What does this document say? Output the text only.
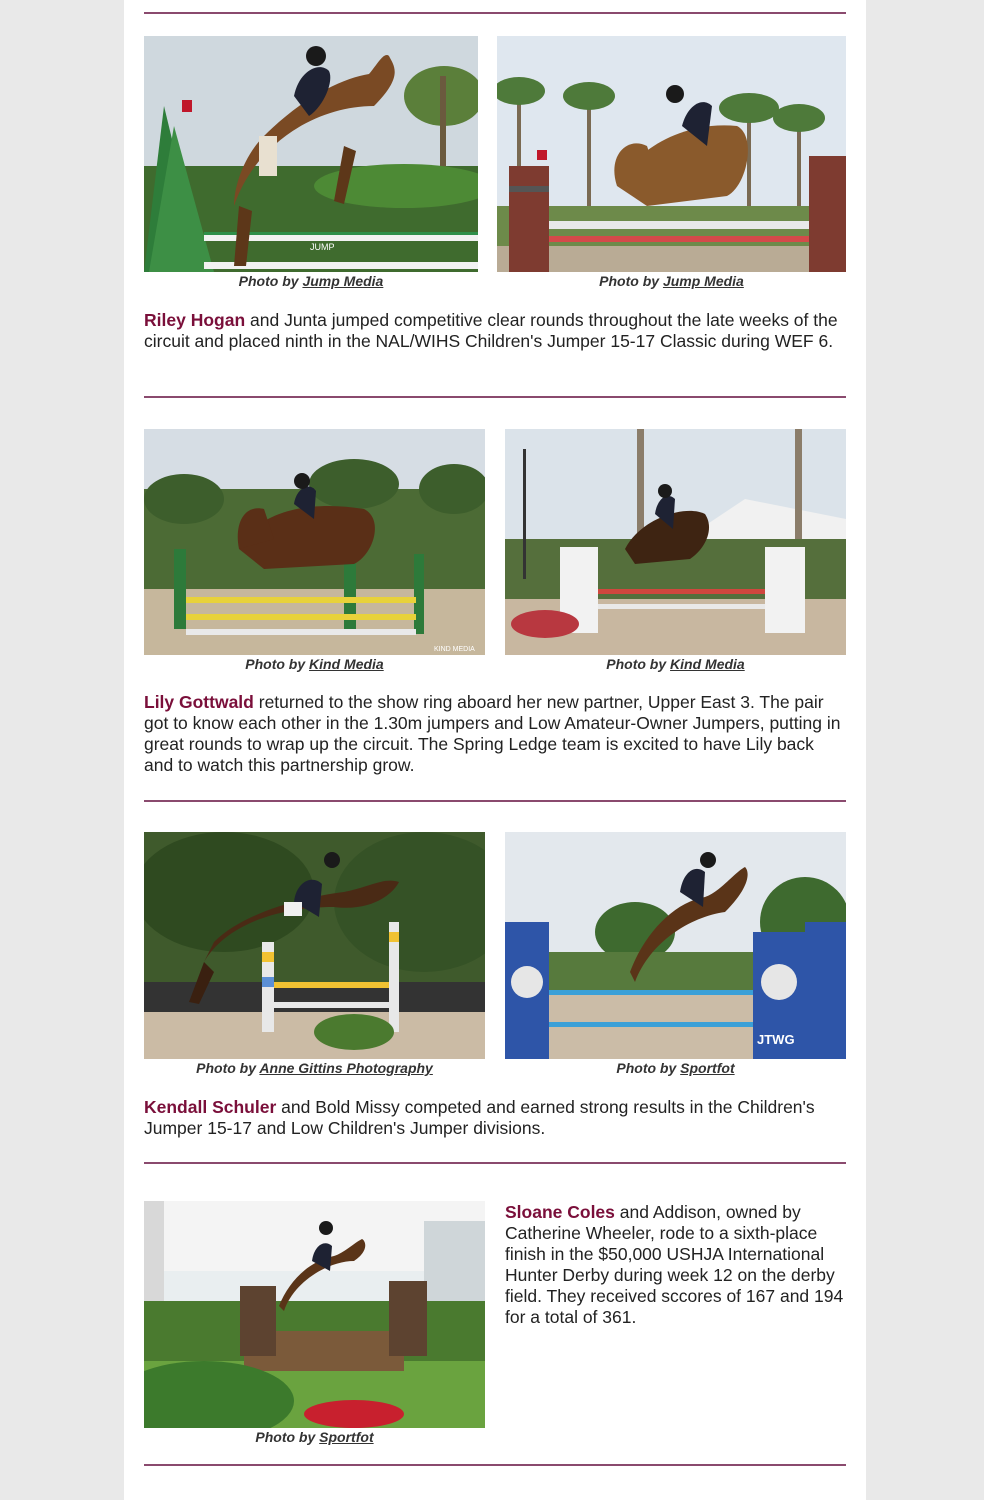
JUMP
Photo by Jump Media	Photo by Jump Media
Riley Hogan and Junta jumped competitive clear rounds throughout the late weeks of the circuit and placed ninth in the NAL/WIHS Children's Jumper 15-17 Classic during WEF 6.
KIND MEDIA
Photo by Kind Media	Photo by Kind Media
Lily Gottwald returned to the show ring aboard her new partner, Upper East 3. The pair got to know each other in the 1.30m jumpers and Low Amateur-Owner Jumpers, putting in great rounds to wrap up the circuit. The Spring Ledge team is excited to have Lily back and to watch this partnership grow.
Photo by Anne Gittins Photography
JTWG
Photo by Sportfot
Kendall Schuler and Bold Missy competed and earned strong results in the Children's Jumper 15-17 and Low Children's Jumper divisions.
Photo by Sportfot
Sloane Coles and Addison, owned by Catherine Wheeler, rode to a sixth-place finish in the $50,000 USHJA International Hunter Derby during week 12 on the derby field. They received sccores of 167 and 194 for a total of 361.
